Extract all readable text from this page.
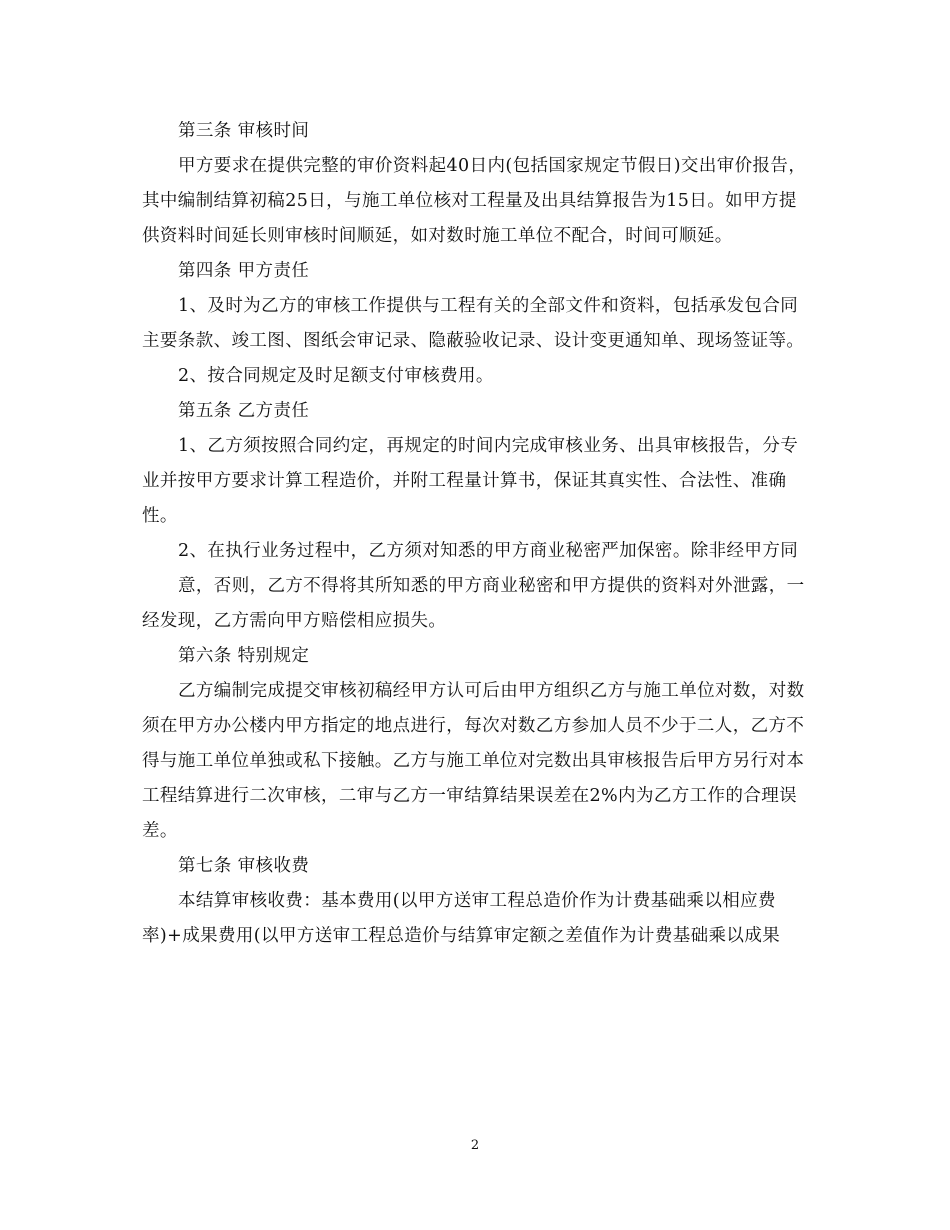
第三条 审核时间

甲方要求在提供完整的审价资料起40日内(包括国家规定节假日)交出审价报告，其中编制结算初稿25日，与施工单位核对工程量及出具结算报告为15日。如甲方提供资料时间延长则审核时间顺延，如对数时施工单位不配合，时间可顺延。

第四条 甲方责任

1、及时为乙方的审核工作提供与工程有关的全部文件和资料，包括承发包合同主要条款、竣工图、图纸会审记录、隐蔽验收记录、设计变更通知单、现场签证等。

2、按合同规定及时足额支付审核费用。

第五条 乙方责任

1、乙方须按照合同约定，再规定的时间内完成审核业务、出具审核报告，分专业并按甲方要求计算工程造价，并附工程量计算书，保证其真实性、合法性、准确性。

2、在执行业务过程中，乙方须对知悉的甲方商业秘密严加保密。除非经甲方同

意，否则，乙方不得将其所知悉的甲方商业秘密和甲方提供的资料对外泄露，一经发现，乙方需向甲方赔偿相应损失。

第六条 特别规定

乙方编制完成提交审核初稿经甲方认可后由甲方组织乙方与施工单位对数，对数须在甲方办公楼内甲方指定的地点进行，每次对数乙方参加人员不少于二人，乙方不得与施工单位单独或私下接触。乙方与施工单位对完数出具审核报告后甲方另行对本工程结算进行二次审核，二审与乙方一审结算结果误差在2%内为乙方工作的合理误差。

第七条 审核收费

本结算审核收费：基本费用(以甲方送审工程总造价作为计费基础乘以相应费率)+成果费用(以甲方送审工程总造价与结算审定额之差值作为计费基础乘以成果

2
